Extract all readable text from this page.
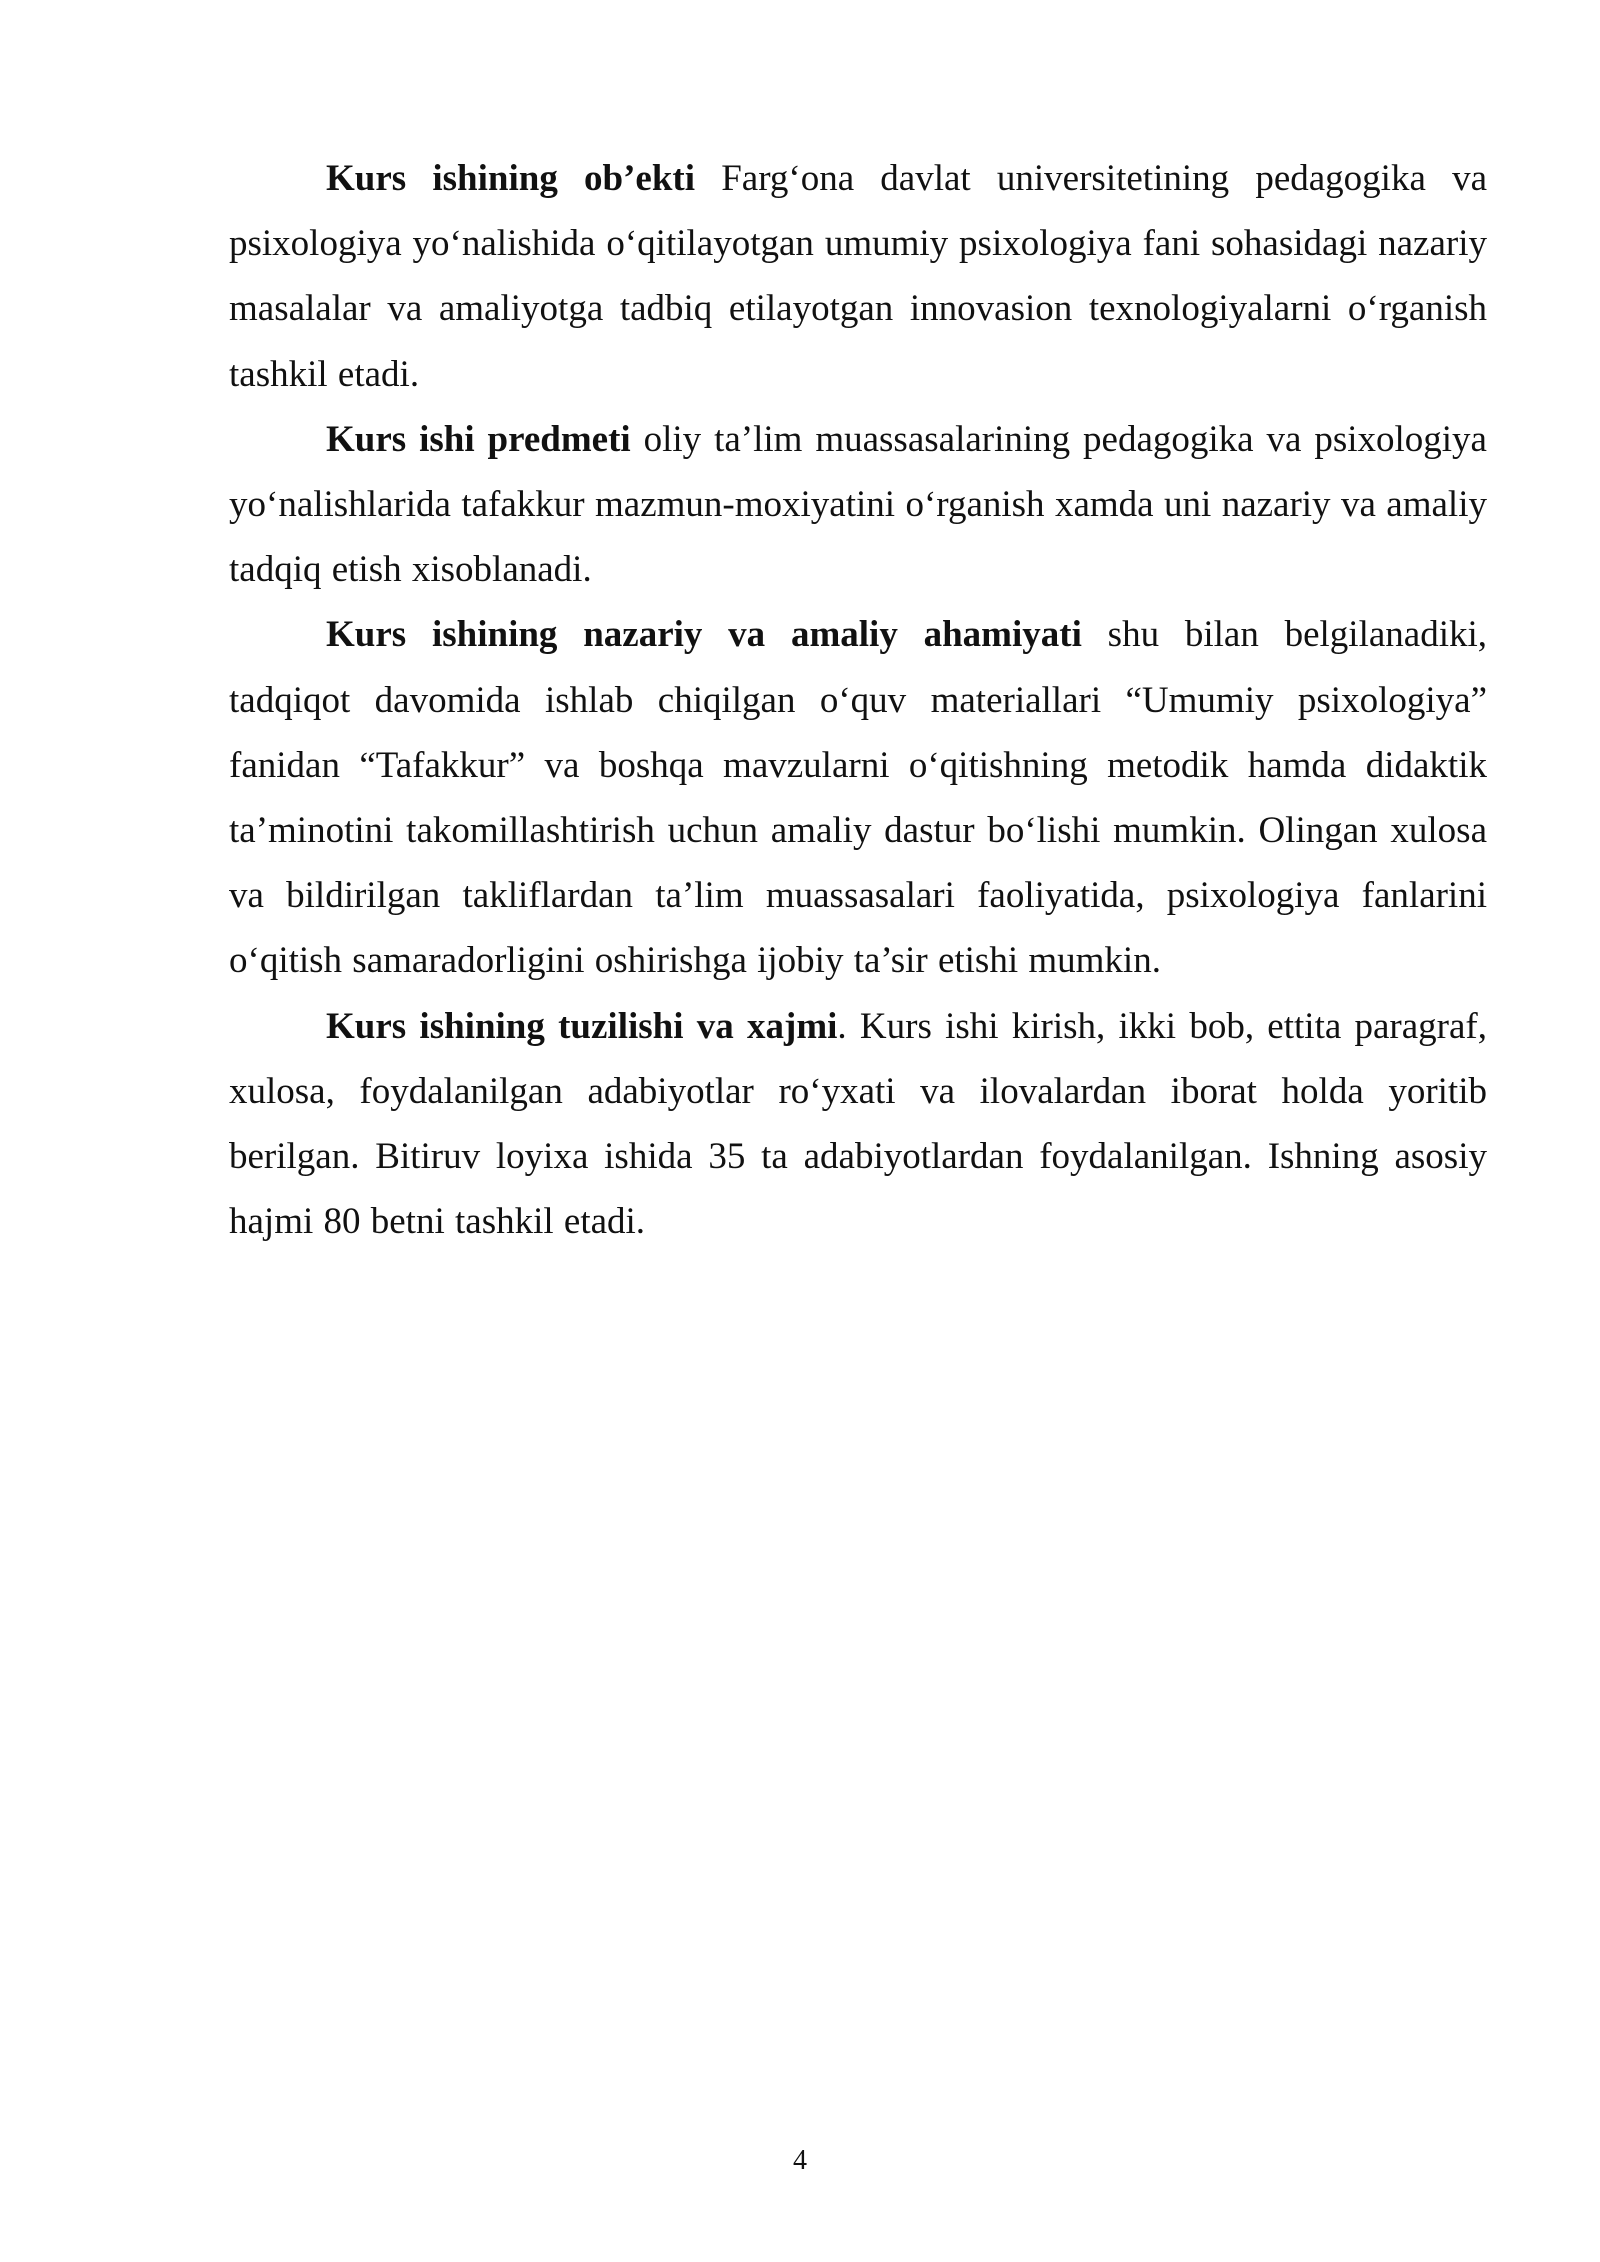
Kurs ishining ob’ekti Farg‘ona davlat universitetining pedagogika va psixologiya yo‘nalishida o‘qitilayotgan umumiy psixologiya fani sohasidagi nazariy masalalar va amaliyotga tadbiq etilayotgan innovasion texnologiyalarni o‘rganish tashkil etadi.

Kurs ishi predmeti oliy ta’lim muassasalarining pedagogika va psixologiya yo‘nalishlarida tafakkur mazmun-moxiyatini o‘rganish xamda uni nazariy va amaliy tadqiq etish xisoblanadi.

Kurs ishining nazariy va amaliy ahamiyati shu bilan belgilanadiki, tadqiqot davomida ishlab chiqilgan o‘quv materiallari “Umumiy psixologiya” fanidan “Tafakkur” va boshqa mavzularni o‘qitishning metodik hamda didaktik ta’minotini takomillashtirish uchun amaliy dastur bo‘lishi mumkin. Olingan xulosa va bildirilgan takliflardan ta’lim muassasalari faoliyatida, psixologiya fanlarini o‘qitish samaradorligini oshirishga ijobiy ta’sir etishi mumkin.

Kurs ishining tuzilishi va xajmi. Kurs ishi kirish, ikki bob, ettita paragraf, xulosa, foydalanilgan adabiyotlar ro‘yxati va ilovalardan iborat holda yoritib berilgan. Bitiruv loyixa ishida 35 ta adabiyotlardan foydalanilgan. Ishning asosiy hajmi 80 betni tashkil etadi.

4
